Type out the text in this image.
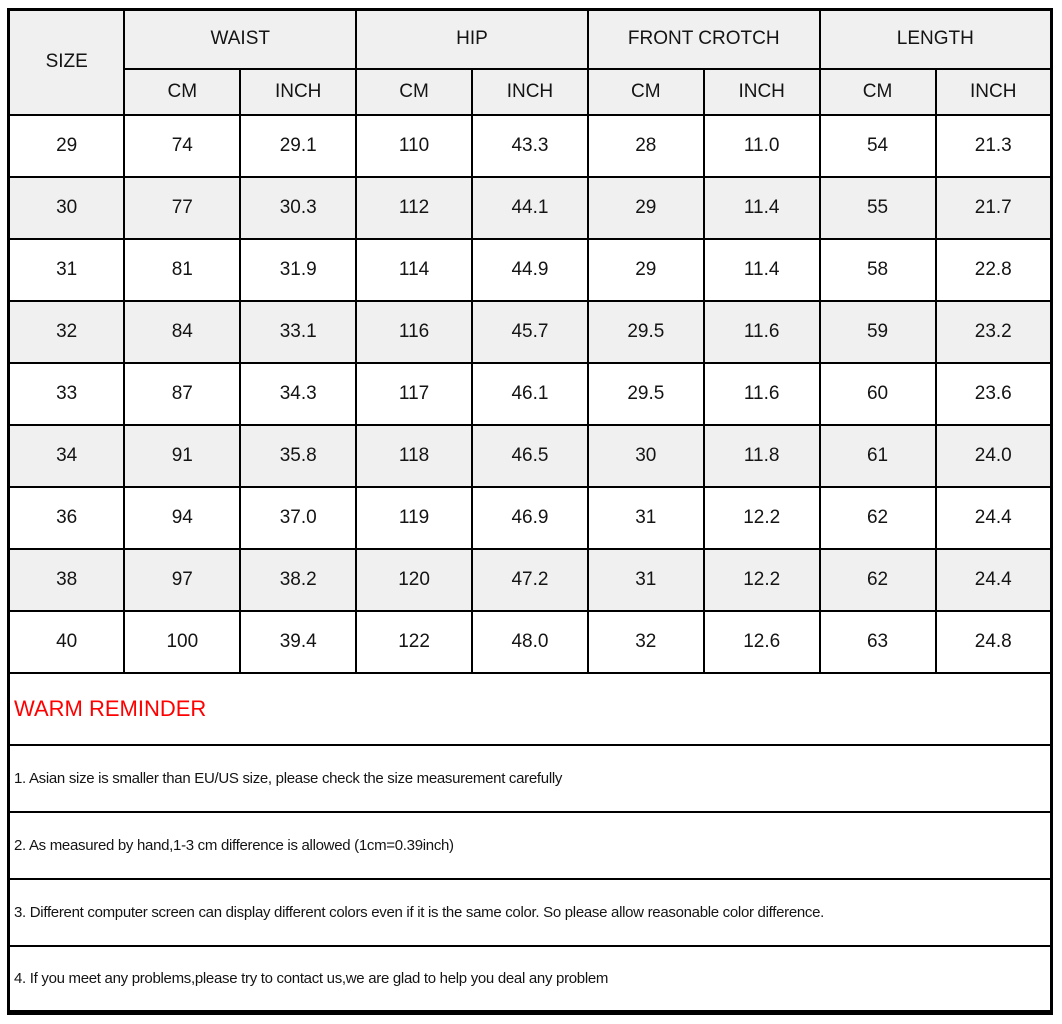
SIZE	WAIST		HIP		FRONT CROTCH		LENGTH	
	CM	INCH	CM	INCH	CM	INCH	CM	INCH
29	74	29.1	110	43.3	28	11.0	54	21.3
30	77	30.3	112	44.1	29	11.4	55	21.7
31	81	31.9	114	44.9	29	11.4	58	22.8
32	84	33.1	116	45.7	29.5	11.6	59	23.2
33	87	34.3	117	46.1	29.5	11.6	60	23.6
34	91	35.8	118	46.5	30	11.8	61	24.0
36	94	37.0	119	46.9	31	12.2	62	24.4
38	97	38.2	120	47.2	31	12.2	62	24.4
40	100	39.4	122	48.0	32	12.6	63	24.8
WARM REMINDER								
1. Asian size is smaller than EU/US size, please check the size measurement carefully								
2. As measured by hand,1-3 cm difference is allowed (1cm=0.39inch)								
3. Different computer screen can display different colors even if it is the same color. So please allow reasonable color difference.								
4. If you meet any problems,please try to contact us,we are glad to help you deal any problem								
